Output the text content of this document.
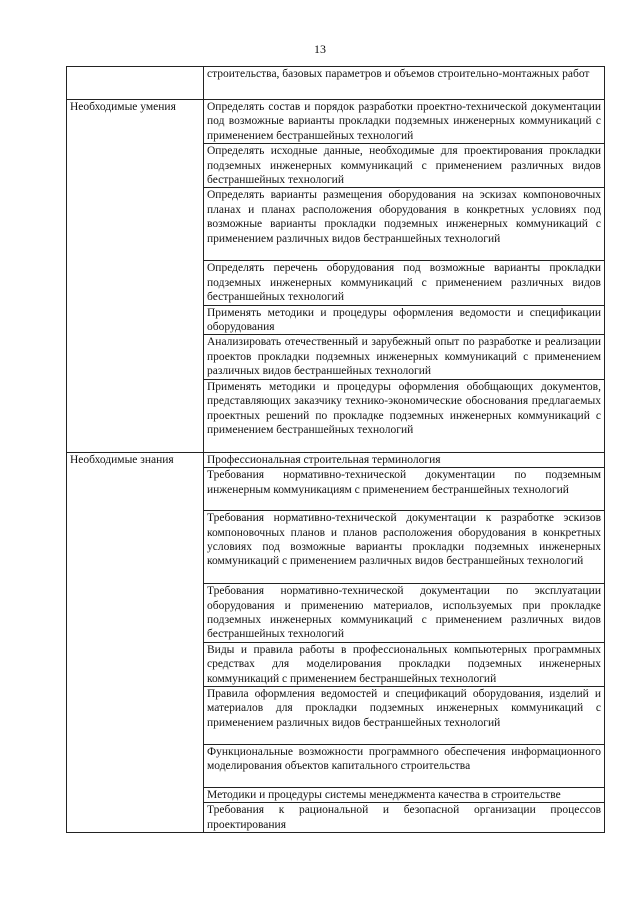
13
	строительства, базовых параметров и объемов строительно-монтажных работ
Необходимые умения	Определять состав и порядок разработки проектно-технической документации под возможные варианты прокладки подземных инженерных коммуникаций с применением бестраншейных технологий
	Определять исходные данные, необходимые для проектирования прокладки подземных инженерных коммуникаций с применением различных видов бестраншейных технологий
	Определять варианты размещения оборудования на эскизах компоновочных планах и планах расположения оборудования в конкретных условиях под возможные варианты прокладки подземных инженерных коммуникаций с применением различных видов бестраншейных технологий
	Определять перечень оборудования под возможные варианты прокладки подземных инженерных коммуникаций с применением различных видов бестраншейных технологий
	Применять методики и процедуры оформления ведомости и спецификации оборудования
	Анализировать отечественный и зарубежный опыт по разработке и реализации проектов прокладки подземных инженерных коммуникаций с применением различных видов бестраншейных технологий
	Применять методики и процедуры оформления обобщающих документов, представляющих заказчику технико-экономические обоснования предлагаемых проектных решений по прокладке подземных инженерных коммуникаций с применением бестраншейных технологий
Необходимые знания	Профессиональная строительная терминология
	Требования нормативно-технической документации по подземным инженерным коммуникациям с применением бестраншейных технологий
	Требования нормативно-технической документации к разработке эскизов компоновочных планов и планов расположения оборудования в конкретных условиях под возможные варианты прокладки подземных инженерных коммуникаций с применением различных видов бестраншейных технологий
	Требования нормативно-технической документации по эксплуатации оборудования и применению материалов, используемых при прокладке подземных инженерных коммуникаций с применением различных видов бестраншейных технологий
	Виды и правила работы в профессиональных компьютерных программных средствах для моделирования прокладки подземных инженерных коммуникаций с применением бестраншейных технологий
	Правила оформления ведомостей и спецификаций оборудования, изделий и материалов для прокладки подземных инженерных коммуникаций с применением различных видов бестраншейных технологий
	Функциональные возможности программного обеспечения информационного моделирования объектов капитального строительства
	Методики и процедуры системы менеджмента качества в строительстве
	Требования к рациональной и безопасной организации процессов проектирования
